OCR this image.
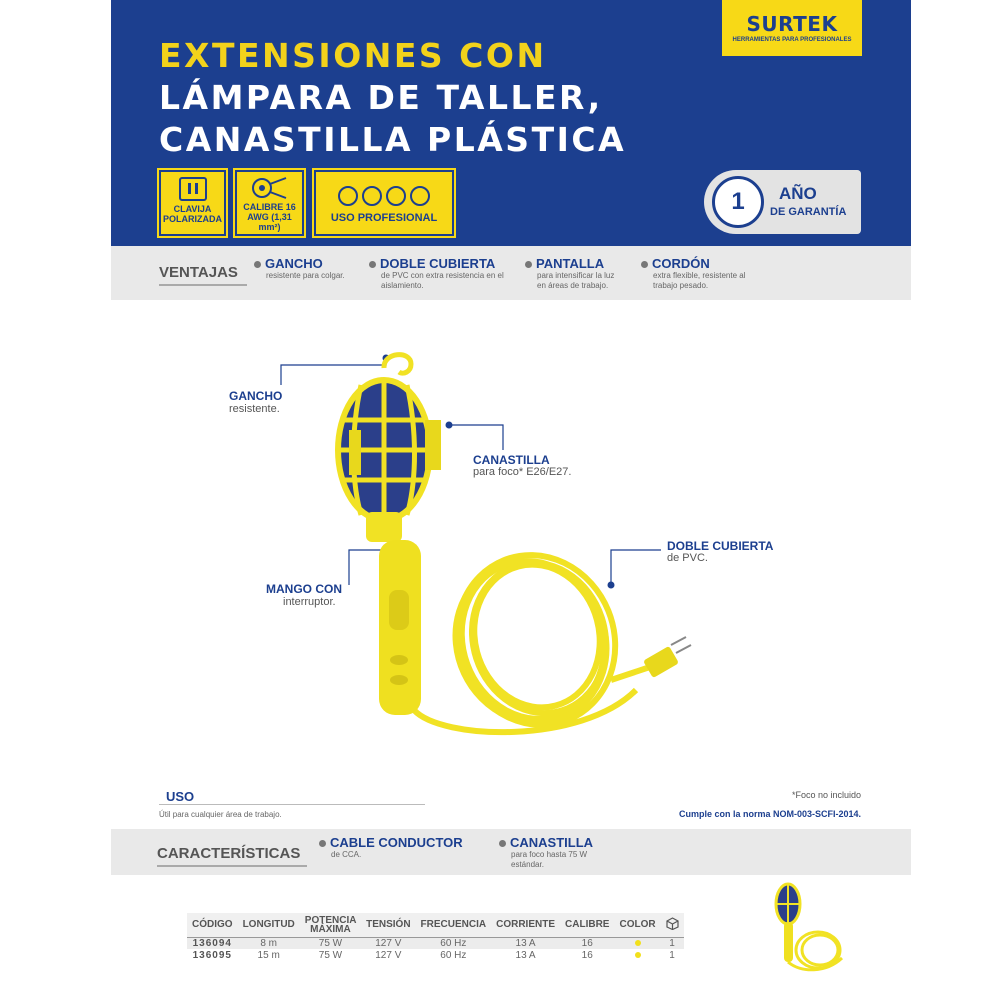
EXTENSIONES CON
LÁMPARA DE TALLER,
CANASTILLA PLÁSTICA
SURTEK
HERRAMIENTAS PARA PROFESIONALES
CLAVIJA POLARIZADA
CALIBRE 16 AWG (1,31 mm²)
USO PROFESIONAL
1	AÑO
DE GARANTÍA
VENTAJAS
GANCHO
resistente para colgar.
DOBLE CUBIERTA
de PVC con extra resistencia en el aislamiento.
PANTALLA
para intensificar la luz en áreas de trabajo.
CORDÓN
extra flexible, resistente al trabajo pesado.
GANCHO
resistente.
CANASTILLA
para foco* E26/E27.
DOBLE CUBIERTA
de PVC.
MANGO CON
interruptor.
USO
Útil para cualquier área de trabajo.
*Foco no incluido
Cumple con la norma NOM-003-SCFI-2014.
CARACTERÍSTICAS
CABLE CONDUCTOR
de CCA.
CANASTILLA
para foco hasta 75 W estándar.
CÓDIGO	LONGITUD	POTENCIA MÁXIMA	TENSIÓN	FRECUENCIA	CORRIENTE	CALIBRE	COLOR	
136094	8 m	75 W	127 V	60 Hz	13 A	16		1
136095	15 m	75 W	127 V	60 Hz	13 A	16		1
